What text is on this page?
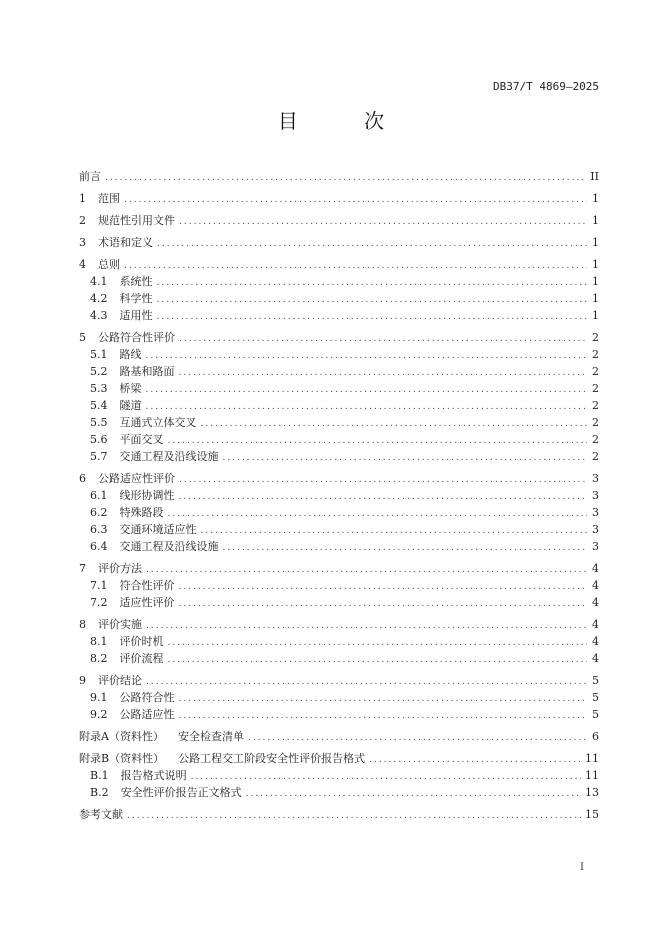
DB37/T 4869—2025
目 次
前言 .....	II
1 范围 .....	1
2 规范性引用文件 .....	1
3 术语和定义 .....	1
4 总则 .....	1
4.1 系统性 .....	1
4.2 科学性 .....	1
4.3 适用性 .....	1
5 公路符合性评价 .....	2
5.1 路线 .....	2
5.2 路基和路面 .....	2
5.3 桥梁 .....	2
5.4 隧道 .....	2
5.5 互通式立体交叉 .....	2
5.6 平面交叉 .....	2
5.7 交通工程及沿线设施 .....	2
6 公路适应性评价 .....	3
6.1 线形协调性 .....	3
6.2 特殊路段 .....	3
6.3 交通环境适应性 .....	3
6.4 交通工程及沿线设施 .....	3
7 评价方法 .....	4
7.1 符合性评价 .....	4
7.2 适应性评价 .....	4
8 评价实施 .....	4
8.1 评价时机 .....	4
8.2 评价流程 .....	4
9 评价结论 .....	5
9.1 公路符合性 .....	5
9.2 公路适应性 .....	5
附录A（资料性） 安全检查清单 .....	6
附录B（资料性） 公路工程交工阶段安全性评价报告格式 .....	11
B.1 报告格式说明 .....	11
B.2 安全性评价报告正文格式 .....	13
参考文献 .....	15
I
